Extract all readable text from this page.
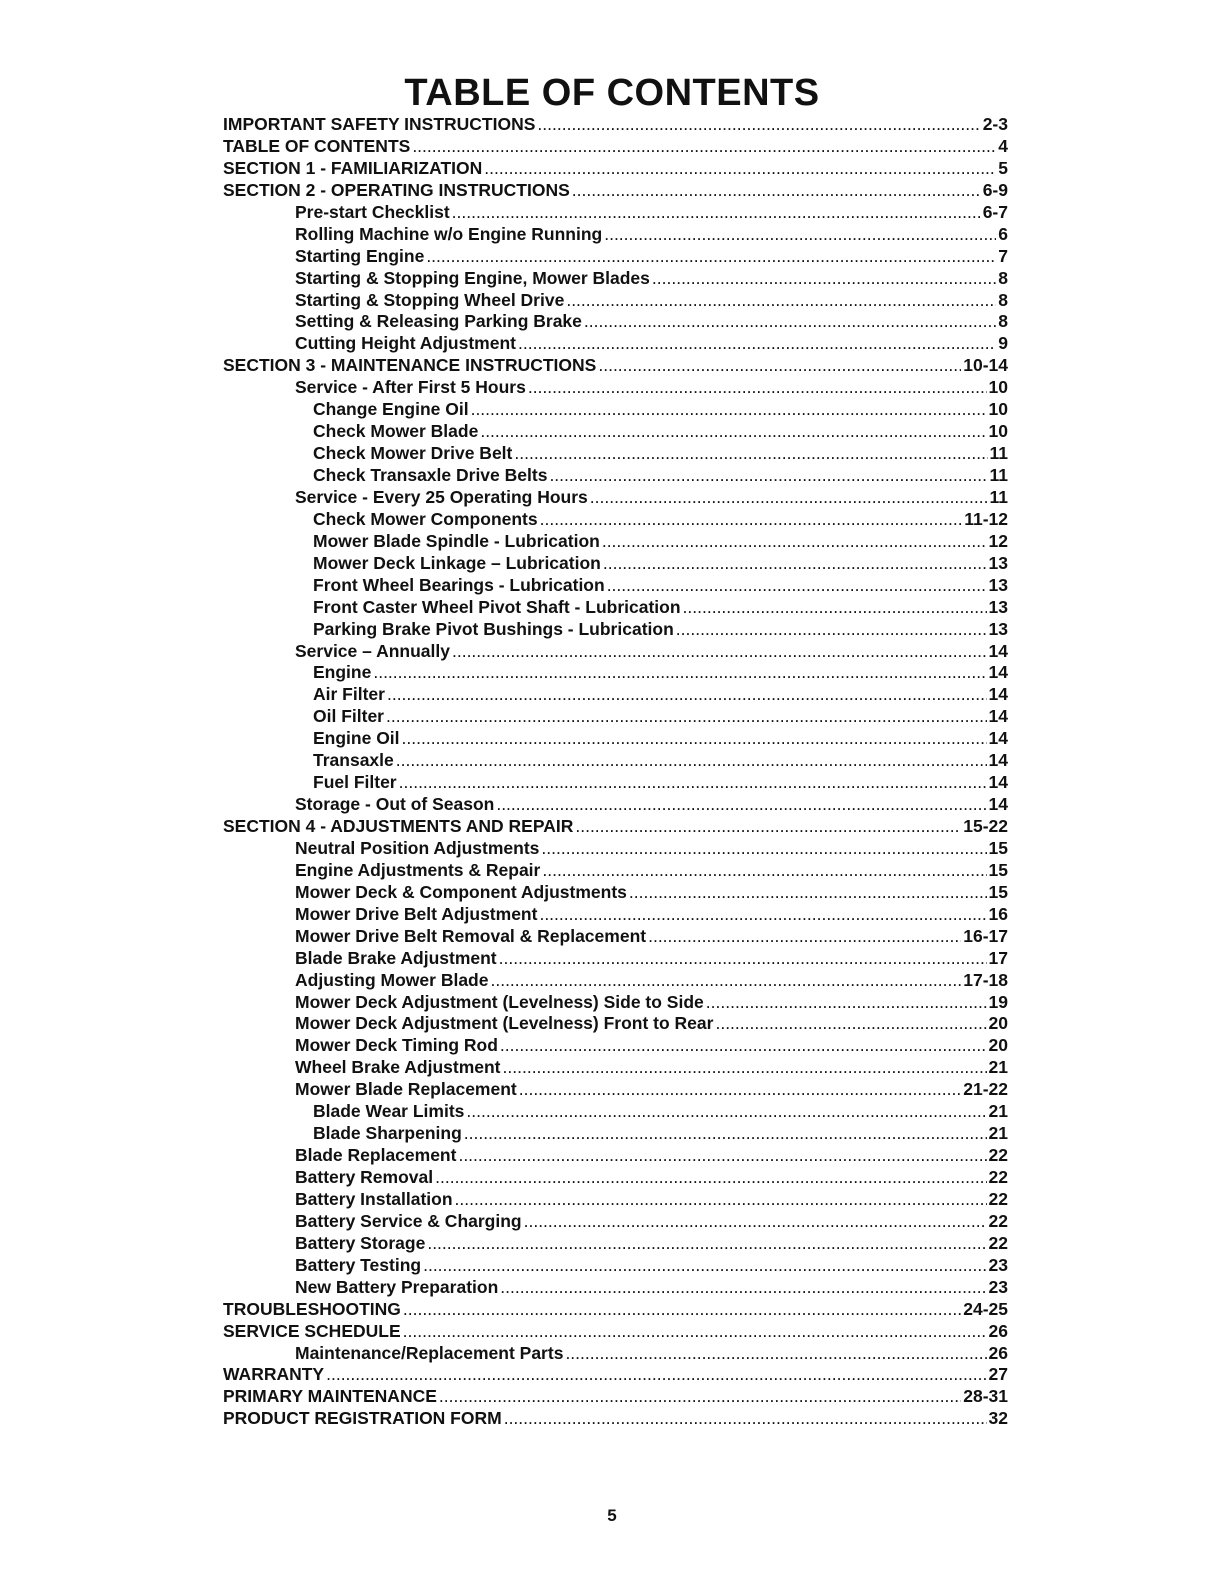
TABLE OF CONTENTS
IMPORTANT SAFETY INSTRUCTIONS .....	2-3
TABLE OF CONTENTS .....	4
SECTION 1 - FAMILIARIZATION .....	5
SECTION 2 - OPERATING INSTRUCTIONS .....	6-9
Pre-start Checklist .....	6-7
Rolling Machine w/o Engine Running .....	6
Starting Engine .....	7
Starting & Stopping Engine, Mower Blades .....	8
Starting & Stopping Wheel Drive .....	8
Setting & Releasing Parking Brake .....	8
Cutting Height Adjustment .....	9
SECTION 3 - MAINTENANCE INSTRUCTIONS .....	10-14
Service - After First 5 Hours .....	10
Change Engine Oil .....	10
Check Mower Blade .....	10
Check Mower Drive Belt .....	11
Check Transaxle Drive Belts .....	11
Service - Every 25 Operating Hours .....	11
Check Mower Components .....	11-12
Mower Blade Spindle - Lubrication .....	12
Mower Deck Linkage – Lubrication .....	13
Front Wheel Bearings - Lubrication .....	13
Front Caster Wheel Pivot Shaft - Lubrication .....	13
Parking Brake Pivot Bushings - Lubrication .....	13
Service – Annually .....	14
Engine .....	14
Air Filter .....	14
Oil Filter .....	14
Engine Oil .....	14
Transaxle .....	14
Fuel Filter .....	14
Storage - Out of Season .....	14
SECTION 4 - ADJUSTMENTS AND REPAIR .....	15-22
Neutral Position Adjustments .....	15
Engine Adjustments & Repair .....	15
Mower Deck & Component Adjustments .....	15
Mower Drive Belt Adjustment .....	16
Mower Drive Belt Removal & Replacement .....	16-17
Blade Brake Adjustment .....	17
Adjusting Mower Blade .....	17-18
Mower Deck Adjustment (Levelness) Side to Side .....	19
Mower Deck Adjustment (Levelness) Front to Rear .....	20
Mower Deck Timing Rod .....	20
Wheel Brake Adjustment .....	21
Mower Blade Replacement .....	21-22
Blade Wear Limits .....	21
Blade Sharpening .....	21
Blade Replacement .....	22
Battery Removal .....	22
Battery Installation .....	22
Battery Service & Charging .....	22
Battery Storage .....	22
Battery Testing .....	23
New Battery Preparation .....	23
TROUBLESHOOTING .....	24-25
SERVICE SCHEDULE .....	26
Maintenance/Replacement Parts .....	26
WARRANTY .....	27
PRIMARY MAINTENANCE .....	28-31
PRODUCT REGISTRATION FORM .....	32
5
